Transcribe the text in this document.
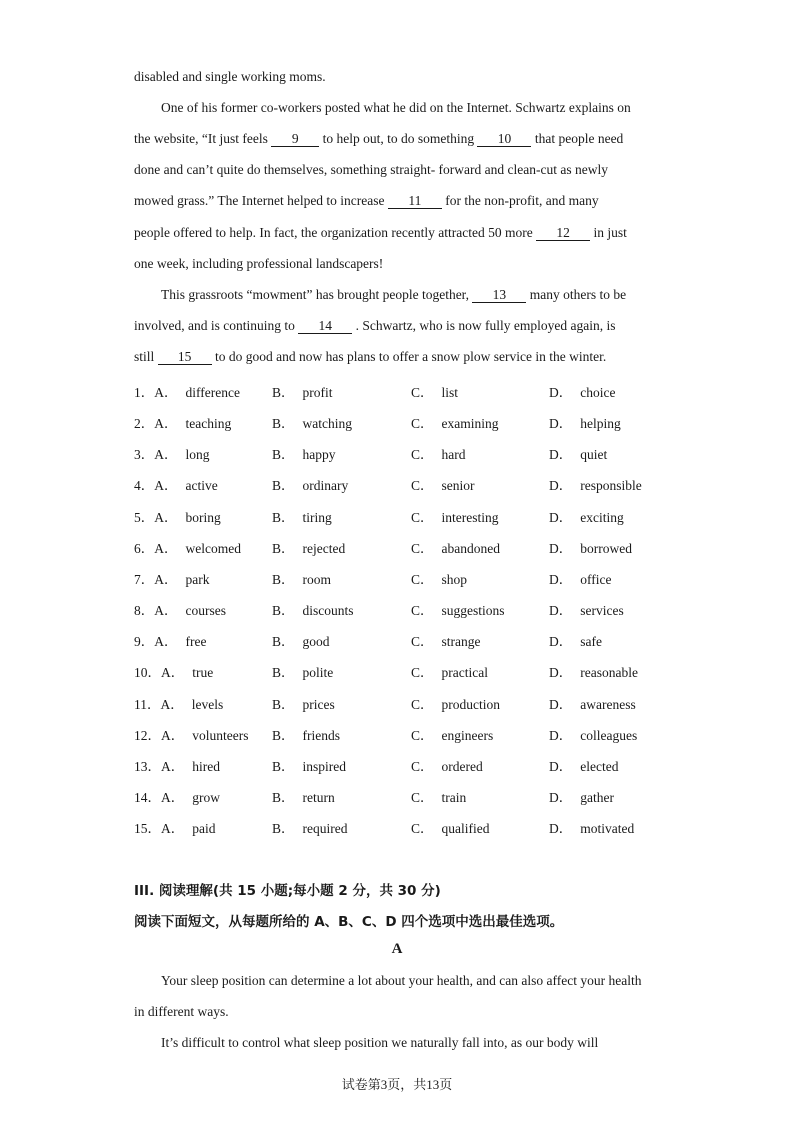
disabled and single working moms.
One of his former co-workers posted what he did on the Internet. Schwartz explains on
the website, “It just feels 9 to help out, to do something 10 that people need
done and can’t quite do themselves, something straight- forward and clean-cut as newly
mowed grass.” The Internet helped to increase 11 for the non-profit, and many
people offered to help. In fact, the organization recently attracted 50 more 12 in just
one week, including professional landscapers!
This grassroots “mowment” has brought people together, 13 many others to be
involved, and is continuing to 14 . Schwartz, who is now fully employed again, is
still 15 to do good and now has plans to offer a snow plow service in the winter.
1．A． difference B． profit	C． list	D． choice
2．A． teaching	B． watching	C． examining	D． helping
3．A． long	B． happy	C． hard	D． quiet
4．A． active	B． ordinary	C． senior	D． responsible
5．A． boring	B． tiring	C． interesting	D． exciting
6．A． welcomed B． rejected	C． abandoned	D． borrowed
7．A． park	B． room	C． shop	D． office
8．A． courses	B． discounts	C． suggestions	D． services
9．A． free	B． good	C． strange	D． safe
10．A． true	B． polite	C． practical	D． reasonable
11．A． levels	B． prices	C． production	D． awareness
12．A． volunteers B． friends	C． engineers	D． colleagues
13．A． hired	B． inspired	C． ordered	D． elected
14．A． grow	B． return	C． train	D． gather
15．A． paid	B． required	C． qualified	D． motivated
III. 阅读理解(共 15 小题;每小题 2 分，共 30 分)
阅读下面短文，从每题所给的 A、B、C、D 四个选项中选出最佳选项。
A
Your sleep position can determine a lot about your health, and can also affect your health
in different ways.
It’s difficult to control what sleep position we naturally fall into, as our body will
试卷第3页，共13页
